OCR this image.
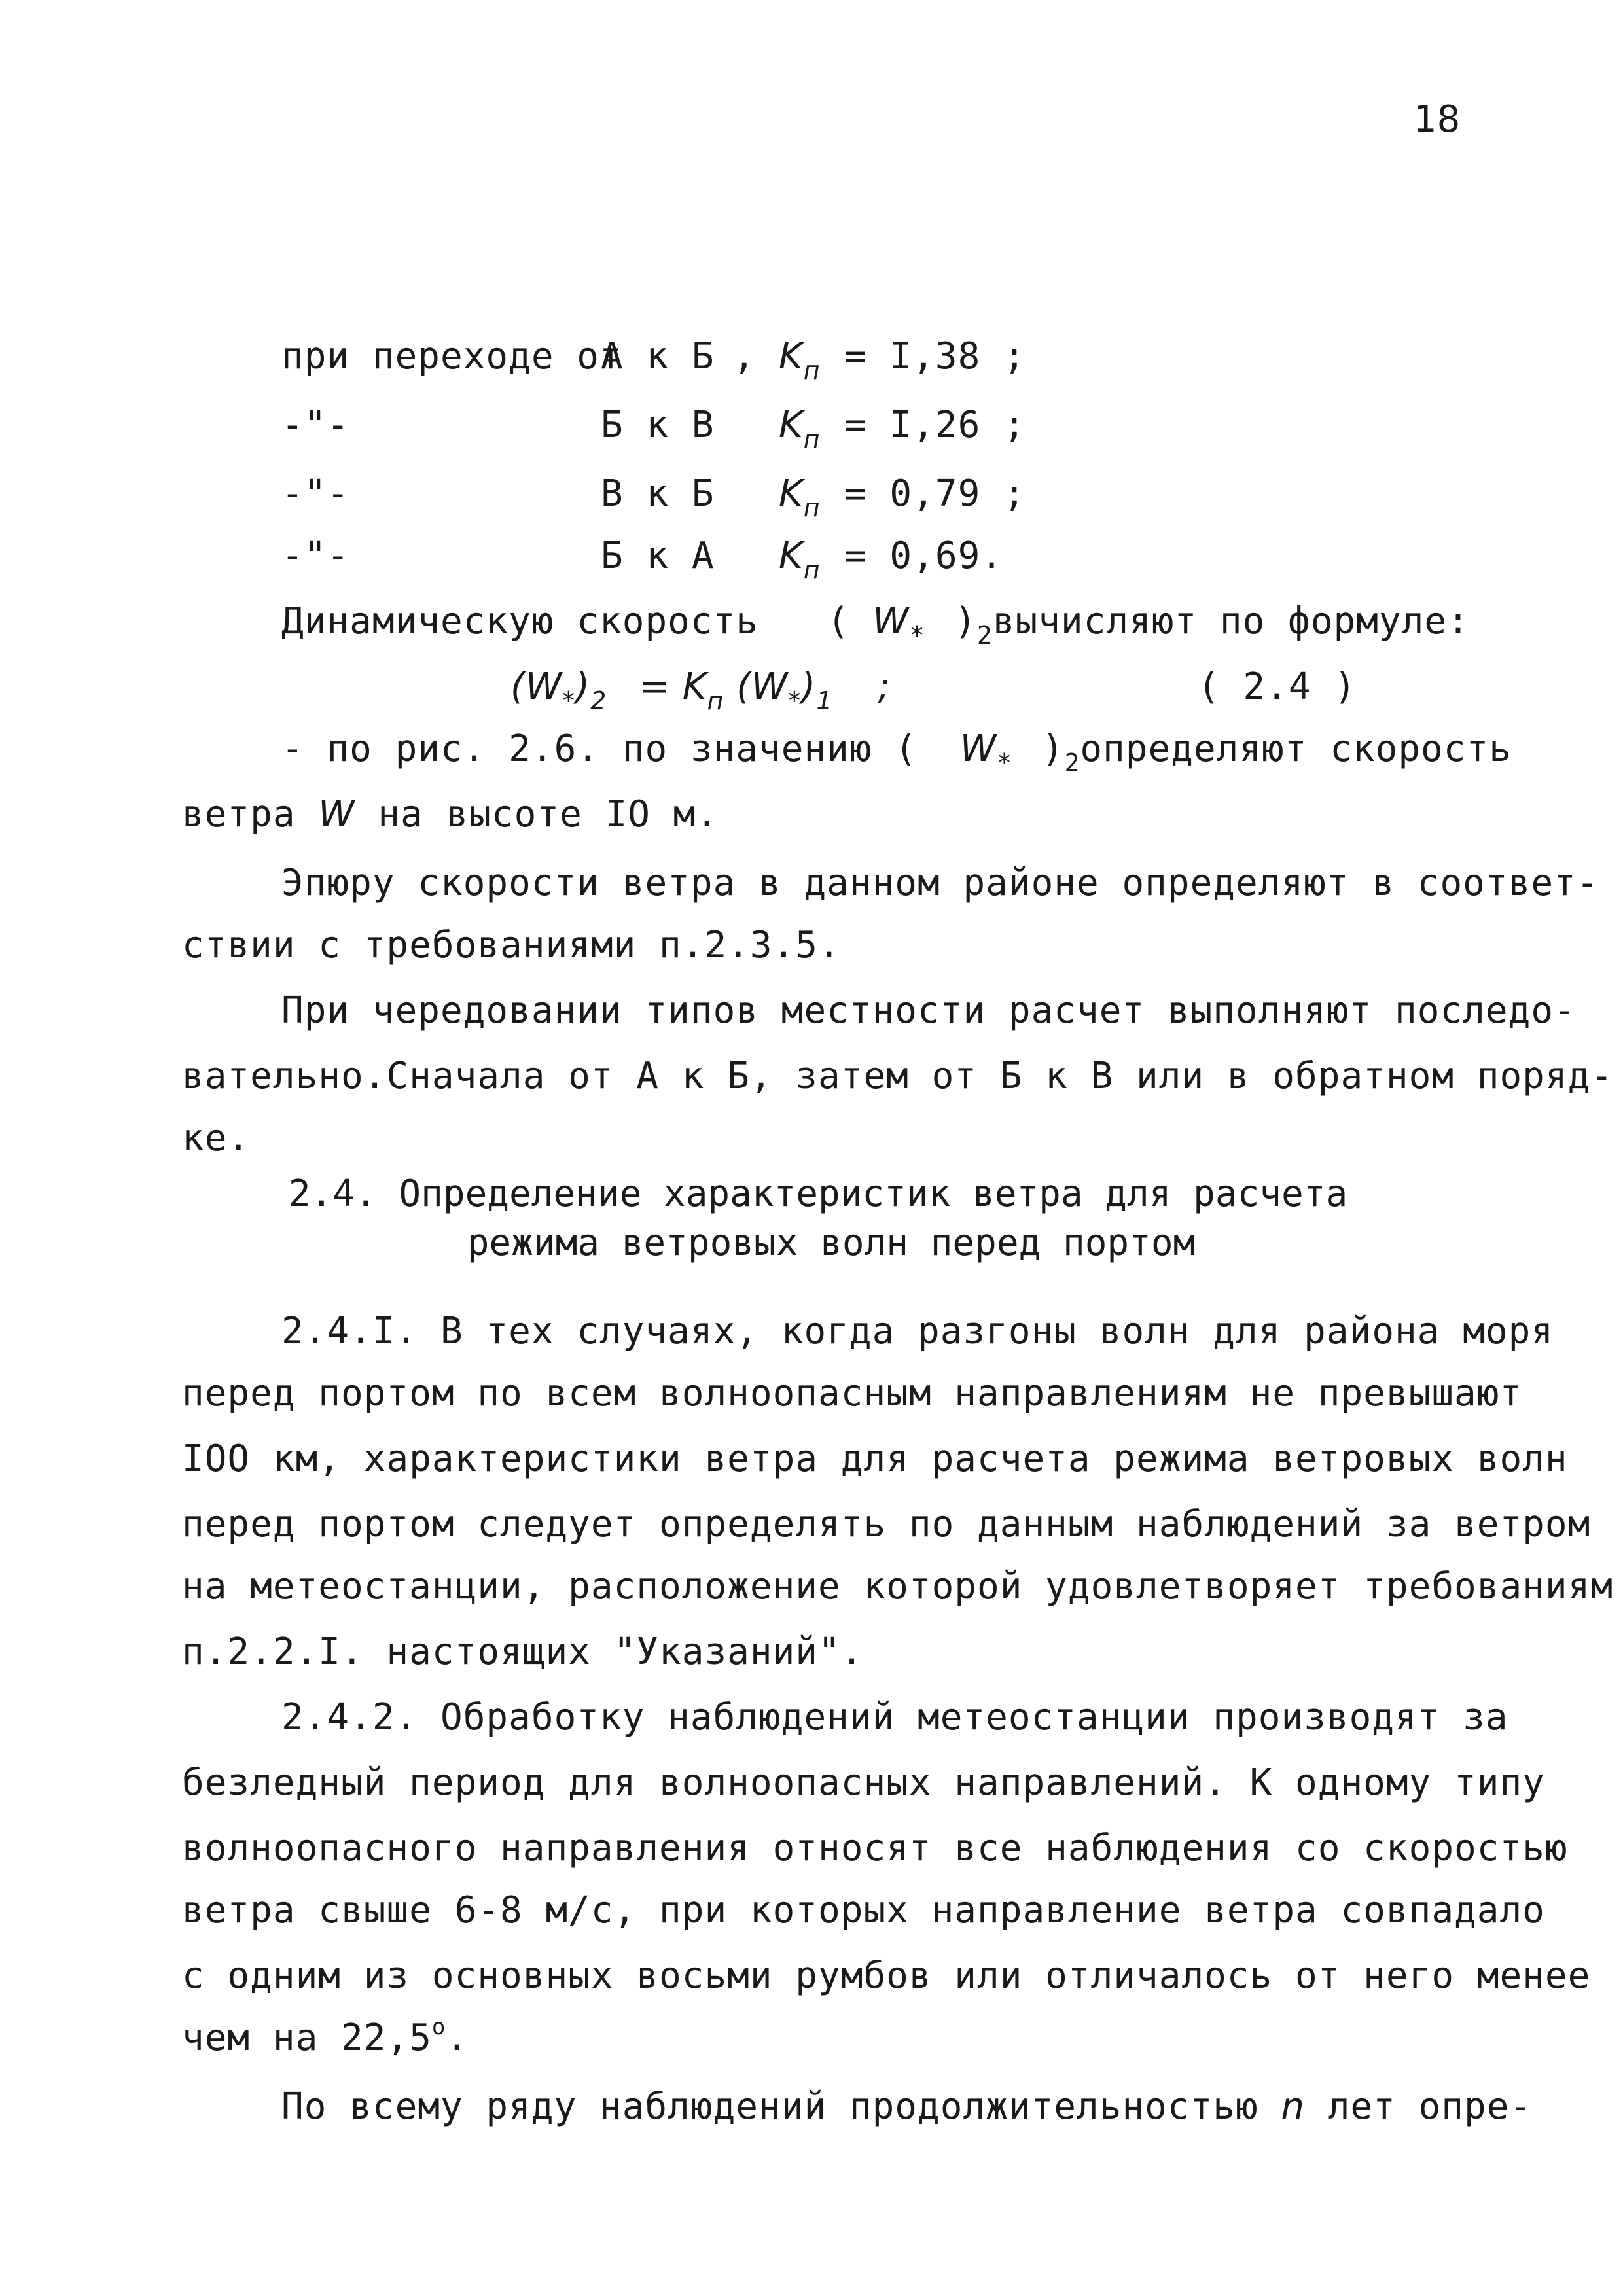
18
при переходе от
-"-
-"-
-"-
А к Б
Б к В
В к Б
Б к А
, $K_п$
$K_п$
$K_п$
$K_п$
= I,38 ;
= I,26 ;
= 0,79 ;
= 0,69.
Динамическую скорость ( $W_*$ )$_2вычисляют$ по формуле:
$(W_*)_2 = K_п$ $(W_*)_1$ ;	( 2.4 )
- по рис. 2.6. по значению ( $W_*$ )$_2определяют$ скорость
ветра W на высоте IO м.
Эпюру скорости ветра в данном районе определяют в соответ-
ствии с требованиями п.2.3.5.
При чередовании типов местности расчет выполняют последо-
вательно.Сначала от А к Б, затем от Б к В или в обратном поряд-
ке.
2.4. Определение характеристик ветра для расчета
режима ветровых волн перед портом
2.4.I. В тех случаях, когда разгоны волн для района моря
перед портом по всем волноопасным направлениям не превышают
IOO км, характеристики ветра для расчета режима ветровых волн
перед портом следует определять по данным наблюдений за ветром
на метеостанции, расположение которой удовлетворяет требованиям
п.2.2.I. настоящих "Указаний".
2.4.2. Обработку наблюдений метеостанции производят за
безледный период для волноопасных направлений. К одному типу
волноопасного направления относят все наблюдения со скоростью
ветра свыше 6-8 м/с, при которых направление ветра совпадало
с одним из основных восьми румбов или отличалось от него менее
чем на 22,5$^o$.
По всему ряду наблюдений продолжительностью n лет опре-
